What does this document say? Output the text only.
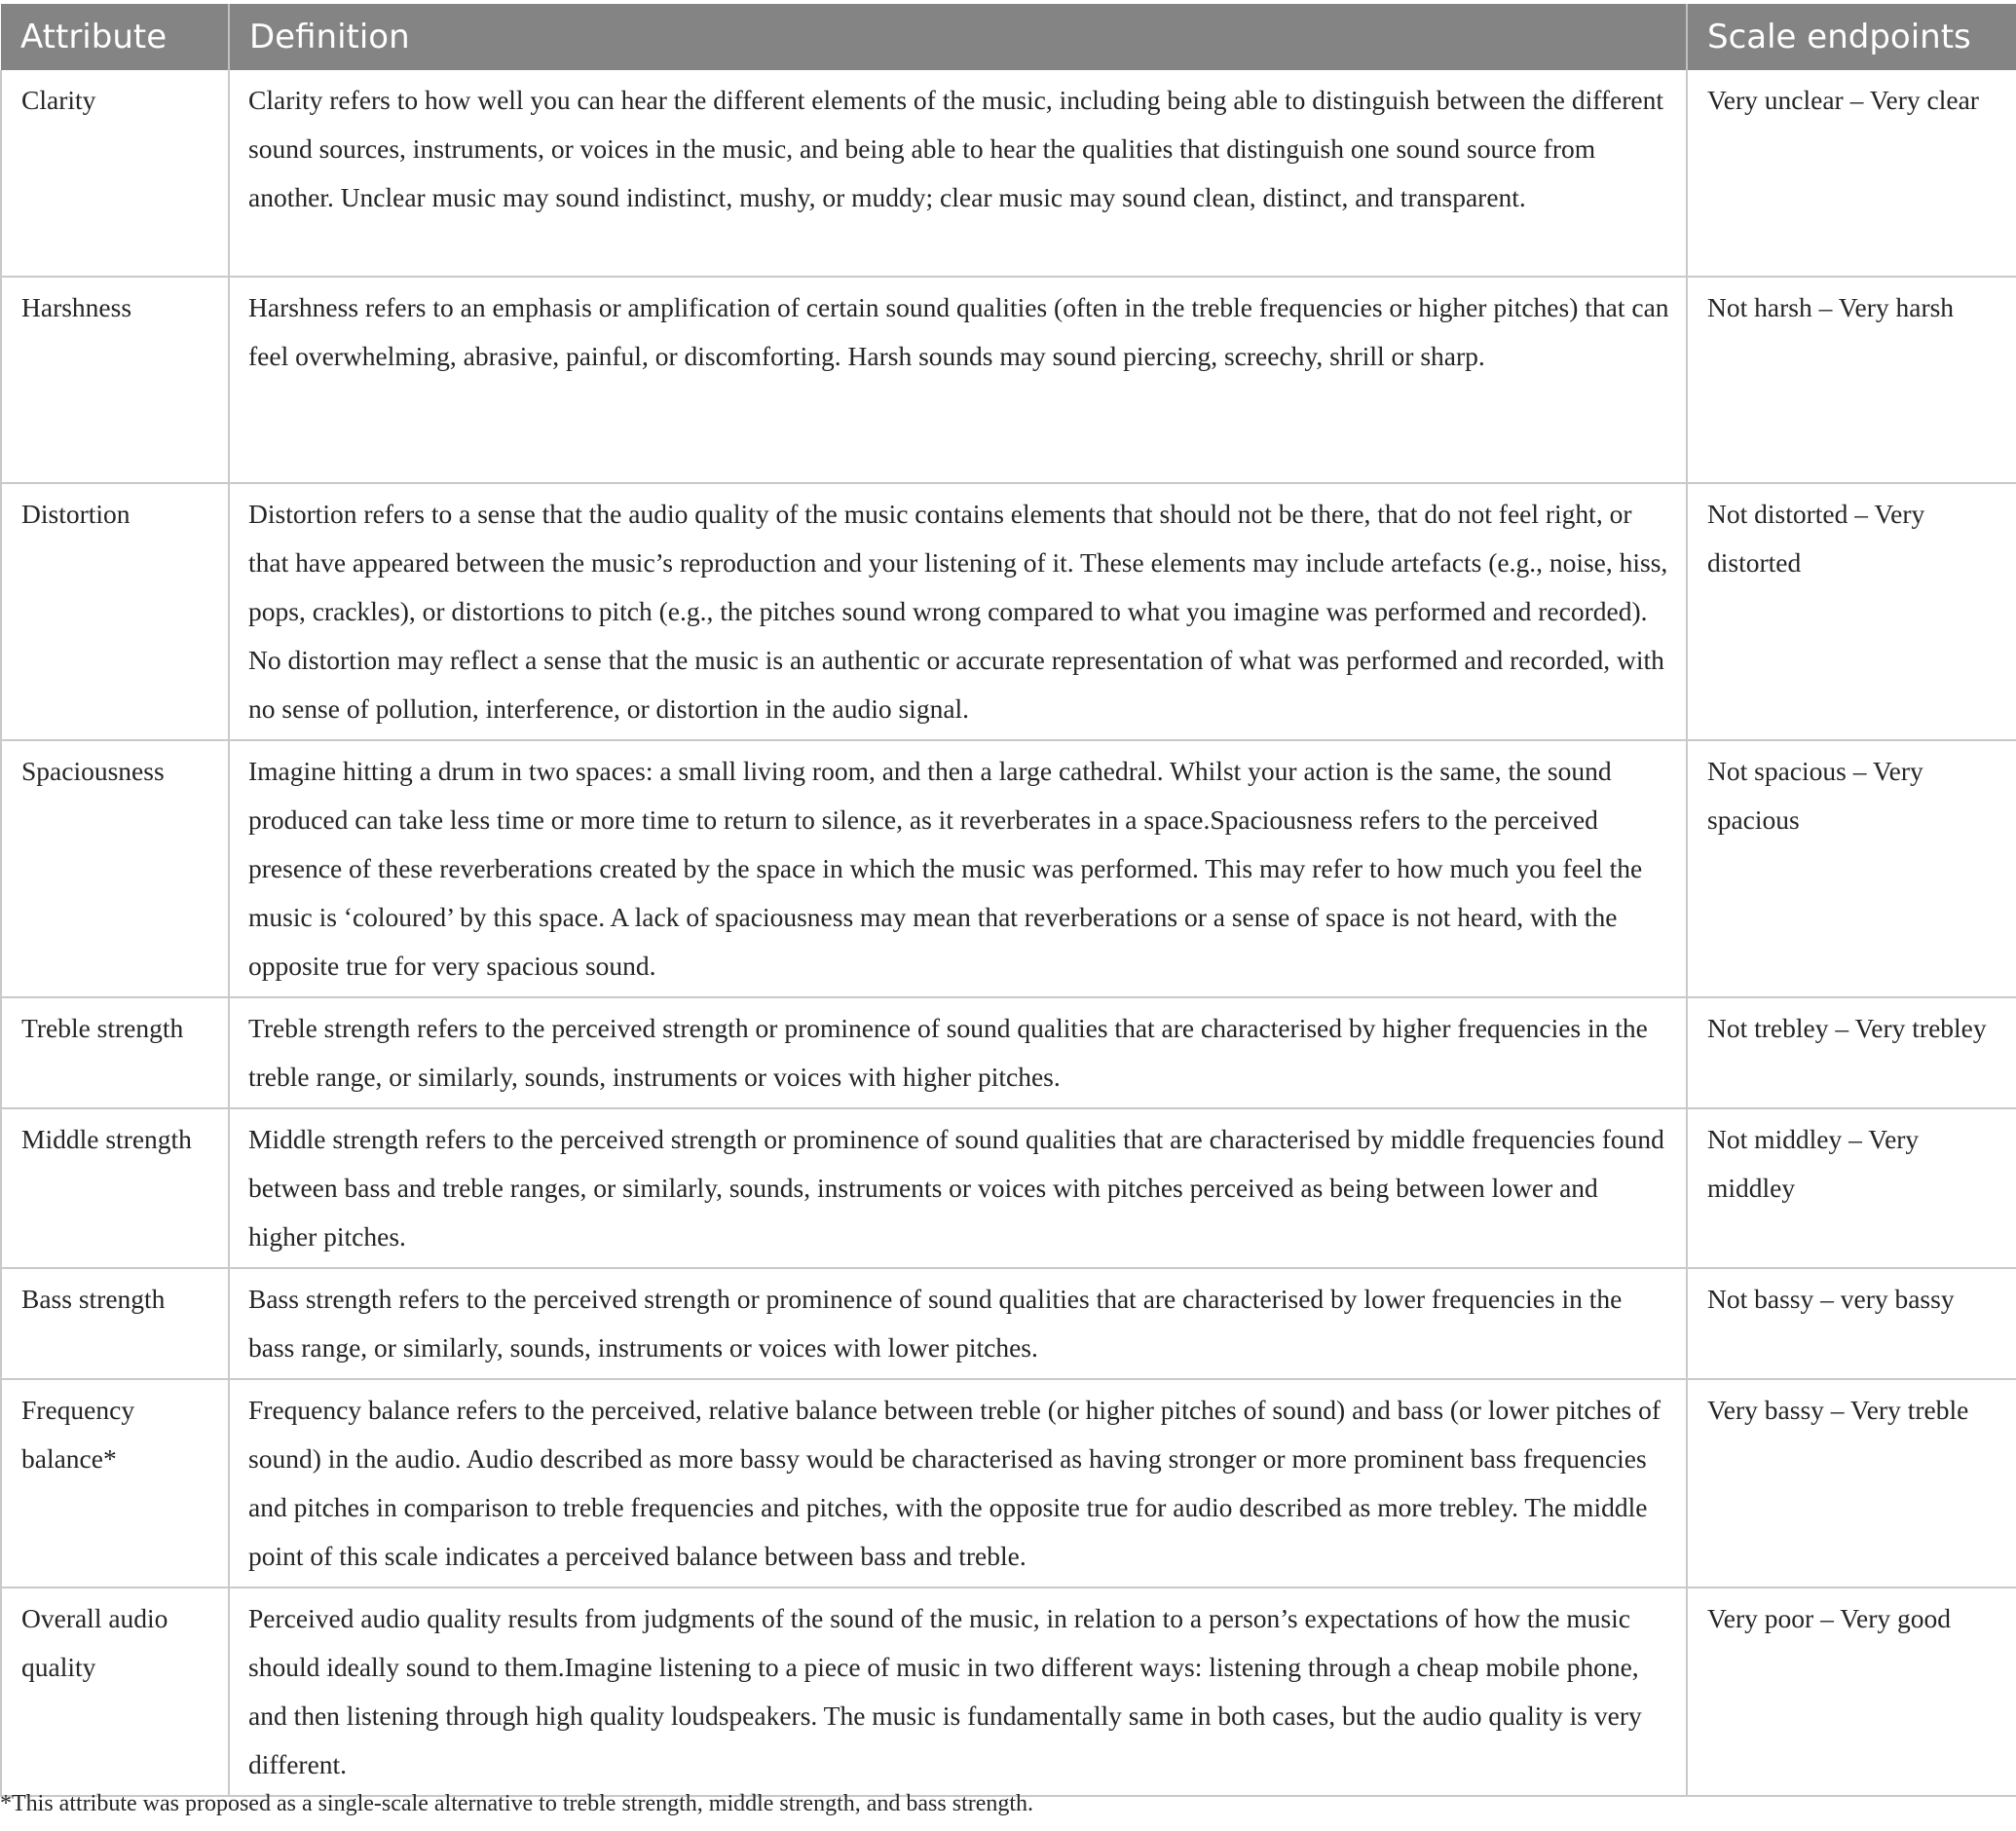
Attribute	Definition	Scale endpoints
Clarity	Clarity refers to how well you can hear the different elements of the music, including being able to distinguish between the different sound sources, instruments, or voices in the music, and being able to hear the qualities that distinguish one sound source from another. Unclear music may sound indistinct, mushy, or muddy; clear music may sound clean, distinct, and transparent.	Very unclear – Very clear
Harshness	Harshness refers to an emphasis or amplification of certain sound qualities (often in the treble frequencies or higher pitches) that can feel overwhelming, abrasive, painful, or discomforting. Harsh sounds may sound piercing, screechy, shrill or sharp.	Not harsh – Very harsh
Distortion	Distortion refers to a sense that the audio quality of the music contains elements that should not be there, that do not feel right, or that have appeared between the music’s reproduction and your listening of it. These elements may include artefacts (e.g., noise, hiss, pops, crackles), or distortions to pitch (e.g., the pitches sound wrong compared to what you imagine was performed and recorded). No distortion may reflect a sense that the music is an authentic or accurate representation of what was performed and recorded, with no sense of pollution, interference, or distortion in the audio signal.	Not distorted – Very distorted
Spaciousness	Imagine hitting a drum in two spaces: a small living room, and then a large cathedral. Whilst your action is the same, the sound produced can take less time or more time to return to silence, as it reverberates in a space.Spaciousness refers to the perceived presence of these reverberations created by the space in which the music was performed. This may refer to how much you feel the music is ‘coloured’ by this space. A lack of spaciousness may mean that reverberations or a sense of space is not heard, with the opposite true for very spacious sound.	Not spacious – Very spacious
Treble strength	Treble strength refers to the perceived strength or prominence of sound qualities that are characterised by higher frequencies in the treble range, or similarly, sounds, instruments or voices with higher pitches.	Not trebley – Very trebley
Middle strength	Middle strength refers to the perceived strength or prominence of sound qualities that are characterised by middle frequencies found between bass and treble ranges, or similarly, sounds, instruments or voices with pitches perceived as being between lower and higher pitches.	Not middley – Very middley
Bass strength	Bass strength refers to the perceived strength or prominence of sound qualities that are characterised by lower frequencies in the bass range, or similarly, sounds, instruments or voices with lower pitches.	Not bassy – very bassy
Frequency balance*	Frequency balance refers to the perceived, relative balance between treble (or higher pitches of sound) and bass (or lower pitches of sound) in the audio. Audio described as more bassy would be characterised as having stronger or more prominent bass frequencies and pitches in comparison to treble frequencies and pitches, with the opposite true for audio described as more trebley. The middle point of this scale indicates a perceived balance between bass and treble.	Very bassy – Very treble
Overall audio quality	Perceived audio quality results from judgments of the sound of the music, in relation to a person’s expectations of how the music should ideally sound to them.Imagine listening to a piece of music in two different ways: listening through a cheap mobile phone, and then listening through high quality loudspeakers. The music is fundamentally same in both cases, but the audio quality is very different.	Very poor – Very good
*This attribute was proposed as a single-scale alternative to treble strength, middle strength, and bass strength.
